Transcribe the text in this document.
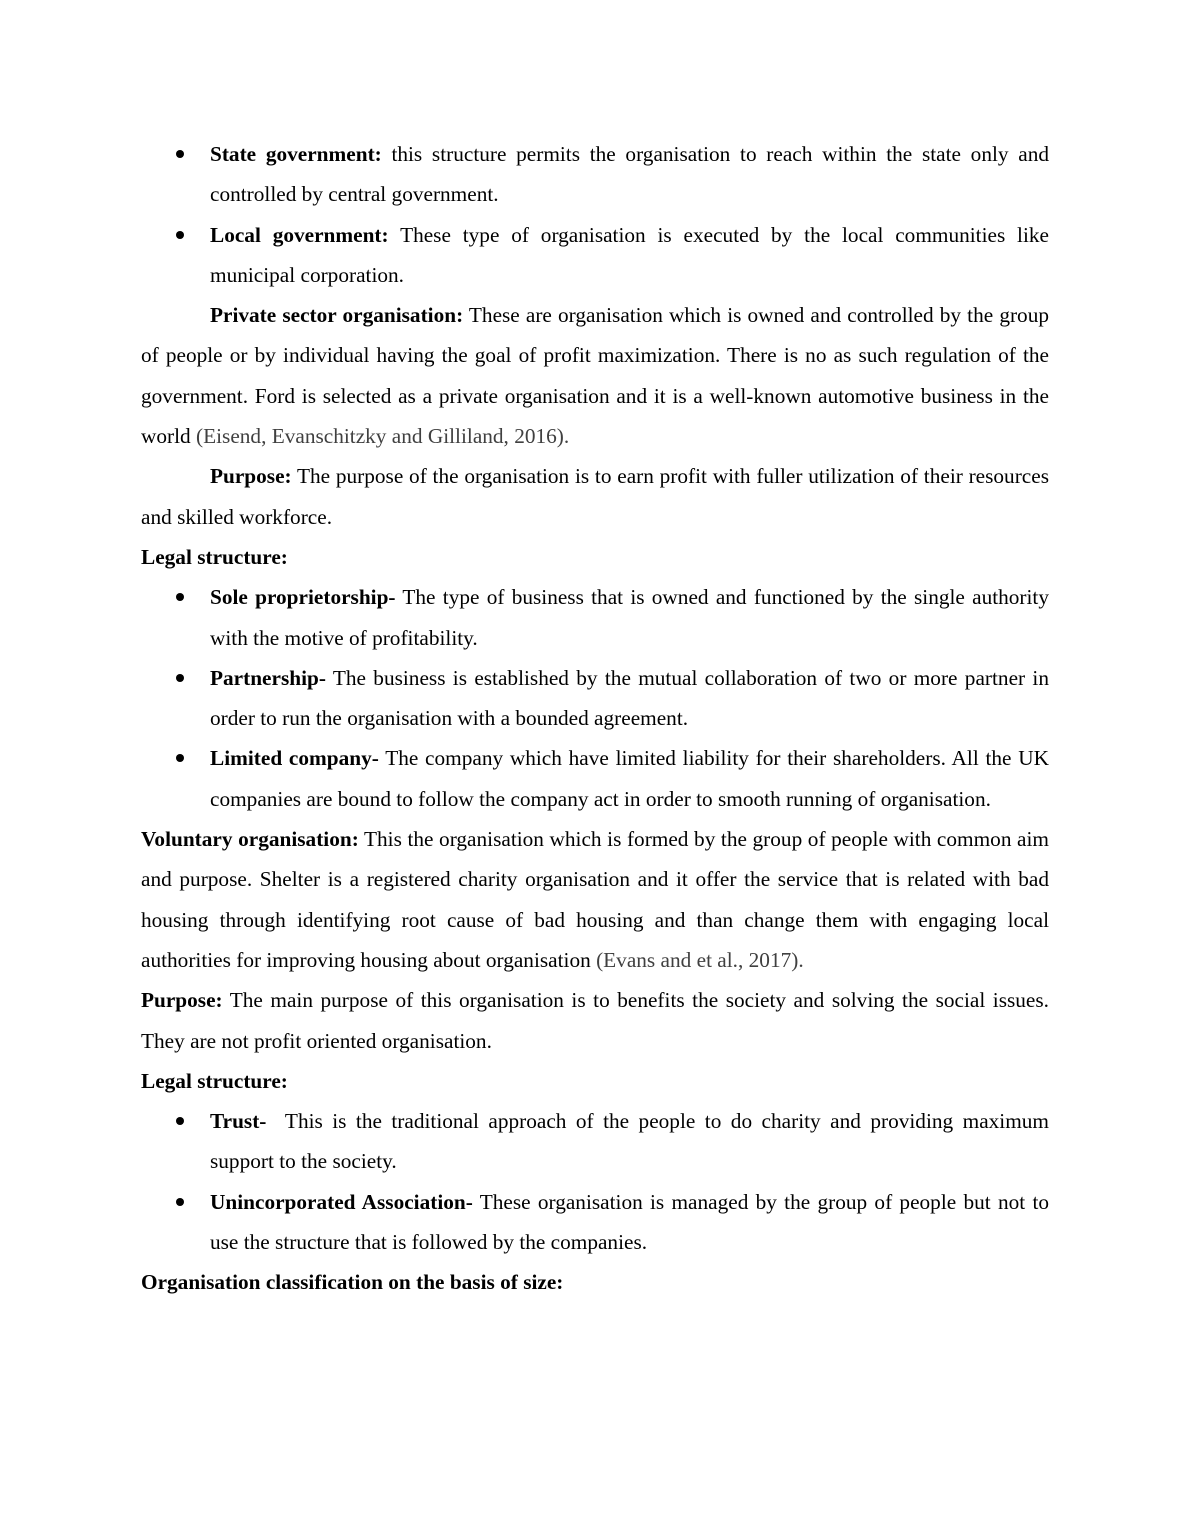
State government: this structure permits the organisation to reach within the state only and controlled by central government.
Local government: These type of organisation is executed by the local communities like municipal corporation.

Private sector organisation: These are organisation which is owned and controlled by the group of people or by individual having the goal of profit maximization. There is no as such regulation of the government. Ford is selected as a private organisation and it is a well-known automotive business in the world (Eisend, Evanschitzky and Gilliland, 2016).

Purpose: The purpose of the organisation is to earn profit with fuller utilization of their resources and skilled workforce.

Legal structure:

Sole proprietorship- The type of business that is owned and functioned by the single authority with the motive of profitability.
Partnership- The business is established by the mutual collaboration of two or more partner in order to run the organisation with a bounded agreement.
Limited company- The company which have limited liability for their shareholders. All the UK companies are bound to follow the company act in order to smooth running of organisation.

Voluntary organisation: This the organisation which is formed by the group of people with common aim and purpose. Shelter is a registered charity organisation and it offer the service that is related with bad housing through identifying root cause of bad housing and than change them with engaging local authorities for improving housing about organisation (Evans and et al., 2017).

Purpose: The main purpose of this organisation is to benefits the society and solving the social issues. They are not profit oriented organisation.

Legal structure:

Trust-  This is the traditional approach of the people to do charity and providing maximum support to the society.
Unincorporated Association- These organisation is managed by the group of people but not to use the structure that is followed by the companies.

Organisation classification on the basis of size:
